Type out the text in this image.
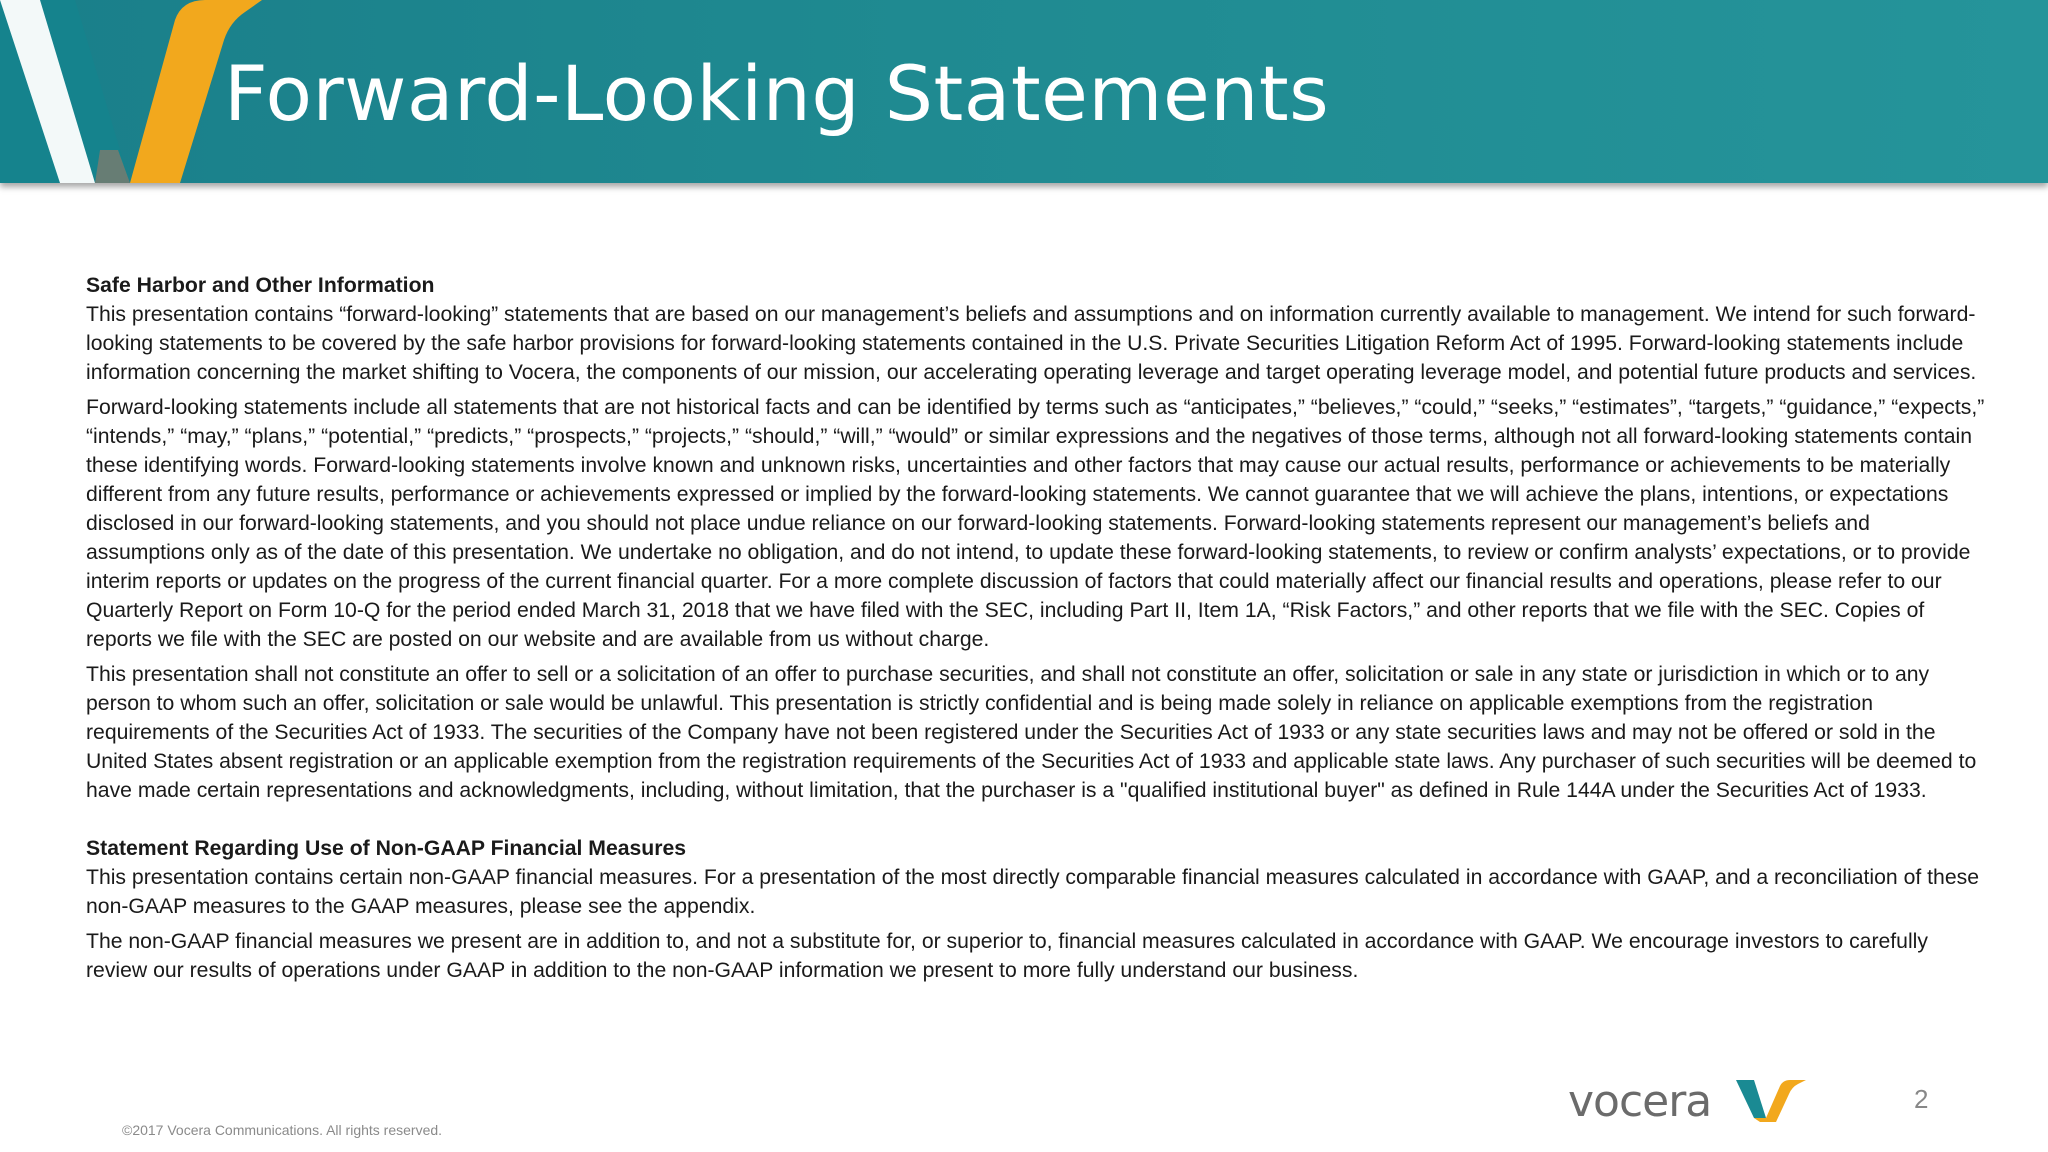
Forward-Looking Statements
Safe Harbor and Other Information

This presentation contains “forward-looking” statements that are based on our management’s beliefs and assumptions and on information currently available to management. We intend for such forward-looking statements to be covered by the safe harbor provisions for forward-looking statements contained in the U.S. Private Securities Litigation Reform Act of 1995. Forward-looking statements include information concerning the market shifting to Vocera, the components of our mission, our accelerating operating leverage and target operating leverage model, and potential future products and services.

Forward-looking statements include all statements that are not historical facts and can be identified by terms such as “anticipates,” “believes,” “could,” “seeks,” “estimates”, “targets,” “guidance,” “expects,” “intends,” “may,” “plans,” “potential,” “predicts,” “prospects,” “projects,” “should,” “will,” “would” or similar expressions and the negatives of those terms, although not all forward-looking statements contain these identifying words. Forward-looking statements involve known and unknown risks, uncertainties and other factors that may cause our actual results, performance or achievements to be materially different from any future results, performance or achievements expressed or implied by the forward-looking statements. We cannot guarantee that we will achieve the plans, intentions, or expectations disclosed in our forward-looking statements, and you should not place undue reliance on our forward-looking statements. Forward-looking statements represent our management’s beliefs and assumptions only as of the date of this presentation. We undertake no obligation, and do not intend, to update these forward-looking statements, to review or confirm analysts’ expectations, or to provide interim reports or updates on the progress of the current financial quarter. For a more complete discussion of factors that could materially affect our financial results and operations, please refer to our Quarterly Report on Form 10-Q for the period ended March 31, 2018 that we have filed with the SEC, including Part II, Item 1A, “Risk Factors,” and other reports that we file with the SEC. Copies of reports we file with the SEC are posted on our website and are available from us without charge.

This presentation shall not constitute an offer to sell or a solicitation of an offer to purchase securities, and shall not constitute an offer, solicitation or sale in any state or jurisdiction in which or to any person to whom such an offer, solicitation or sale would be unlawful. This presentation is strictly confidential and is being made solely in reliance on applicable exemptions from the registration requirements of the Securities Act of 1933. The securities of the Company have not been registered under the Securities Act of 1933 or any state securities laws and may not be offered or sold in the United States absent registration or an applicable exemption from the registration requirements of the Securities Act of 1933 and applicable state laws. Any purchaser of such securities will be deemed to have made certain representations and acknowledgments, including, without limitation, that the purchaser is a "qualified institutional buyer" as defined in Rule 144A under the Securities Act of 1933.

Statement Regarding Use of Non-GAAP Financial Measures

This presentation contains certain non-GAAP financial measures. For a presentation of the most directly comparable financial measures calculated in accordance with GAAP, and a reconciliation of these non-GAAP measures to the GAAP measures, please see the appendix.

The non-GAAP financial measures we present are in addition to, and not a substitute for, or superior to, financial measures calculated in accordance with GAAP. We encourage investors to carefully review our results of operations under GAAP in addition to the non-GAAP information we present to more fully understand our business.

vocera	2
©2017 Vocera Communications. All rights reserved.
